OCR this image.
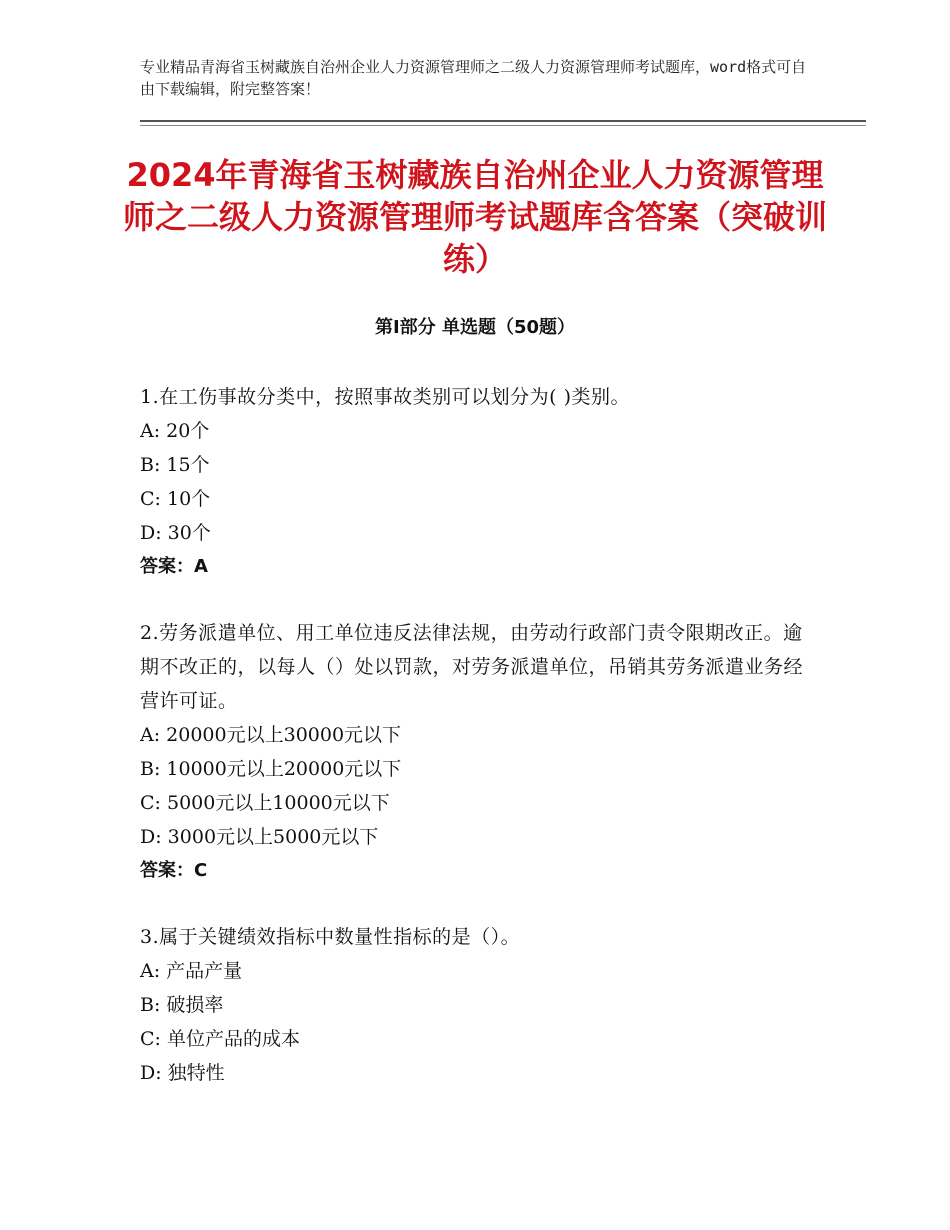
专业精品青海省玉树藏族自治州企业人力资源管理师之二级人力资源管理师考试题库，word格式可自由下载编辑，附完整答案！
2024年青海省玉树藏族自治州企业人力资源管理师之二级人力资源管理师考试题库含答案（突破训练）
第Ⅰ部分 单选题（50题）

1.在工伤事故分类中，按照事故类别可以划分为( )类别。

A: 20个

B: 15个

C: 10个

D: 30个

答案：A

2.劳务派遣单位、用工单位违反法律法规，由劳动行政部门责令限期改正。逾期不改正的，以每人（）处以罚款，对劳务派遣单位，吊销其劳务派遣业务经营许可证。

A: 20000元以上30000元以下

B: 10000元以上20000元以下

C: 5000元以上10000元以下

D: 3000元以上5000元以下

答案：C

3.属于关键绩效指标中数量性指标的是（）。

A: 产品产量

B: 破损率

C: 单位产品的成本

D: 独特性
